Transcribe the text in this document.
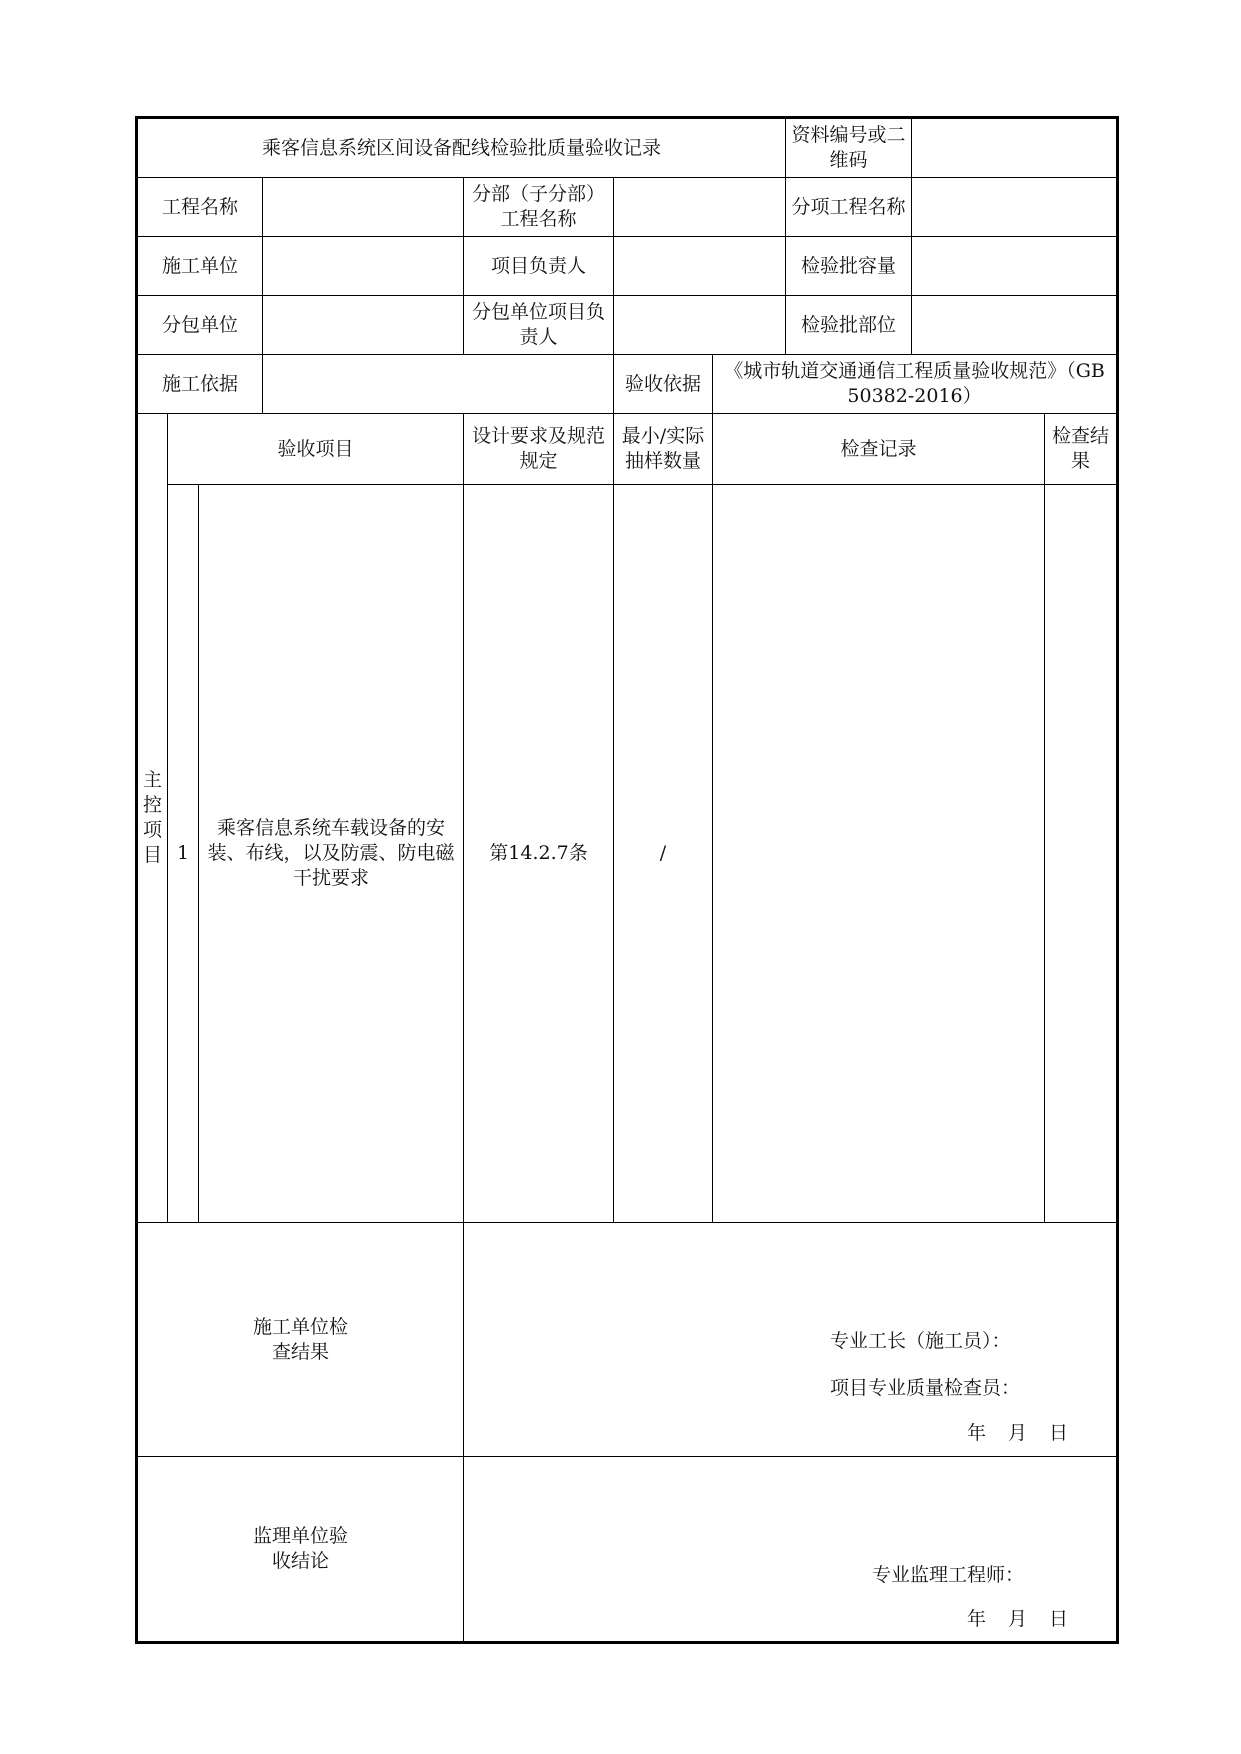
乘客信息系统区间设备配线检验批质量验收记录							资料编号或二维码		
工程名称				分部（子分部）工程名称			分项工程名称		
施工单位				项目负责人			检验批容量		
分包单位				分包单位项目负责人			检验批部位		
施工依据					验收依据	《城市轨道交通通信工程质量验收规范》（GB 50382-2016）			

主
控
项
目	验收项目			设计要求及规范规定	最小/实际抽样数量	检查记录			检查结果
	1	乘客信息系统车载设备的安装、布线，以及防震、防电磁干扰要求		第14.2.7条	/				

施工单位检查结果				专业工长（施工员）：
项目专业质量检查员：
年 月 日					

监理单位验收结论				专业监理工程师：
年 月 日					
